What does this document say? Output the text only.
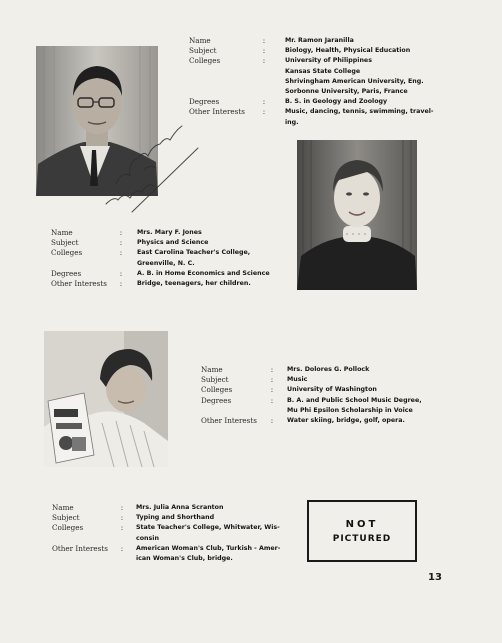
Name	:	Mr. Ramon Jaranilla
Subject	:	Biology, Health, Physical Education
Colleges	:	University of Philippines
Kansas State College
Shrivingham American University, Eng.
Sorbonne University, Paris, France
Degrees	:	B. S. in Geology and Zoology
Other Interests	:	Music, dancing, tennis, swimming, travel-
ing.
Name	:	Mrs. Mary F. Jones
Subject	:	Physics and Science
Colleges	:	East Carolina Teacher's College,
Greenville, N. C.
Degrees	:	A. B. in Home Economics and Science
Other Interests	:	Bridge, teenagers, her children.
Name	:	Mrs. Dolores G. Pollock
Subject	:	Music
Colleges	:	University of Washington
Degrees	:	B. A. and Public School Music Degree,
Mu Phi Epsilon Scholarship in Voice
Other Interests	:	Water skiing, bridge, golf, opera.
Name	:	Mrs. Julia Anna Scranton
Subject	:	Typing and Shorthand
Colleges	:	State Teacher's College, Whitwater, Wis-
consin
Other Interests	:	American Woman's Club, Turkish - Amer-
ican Woman's Club, bridge.
NOT
PICTURED
13
